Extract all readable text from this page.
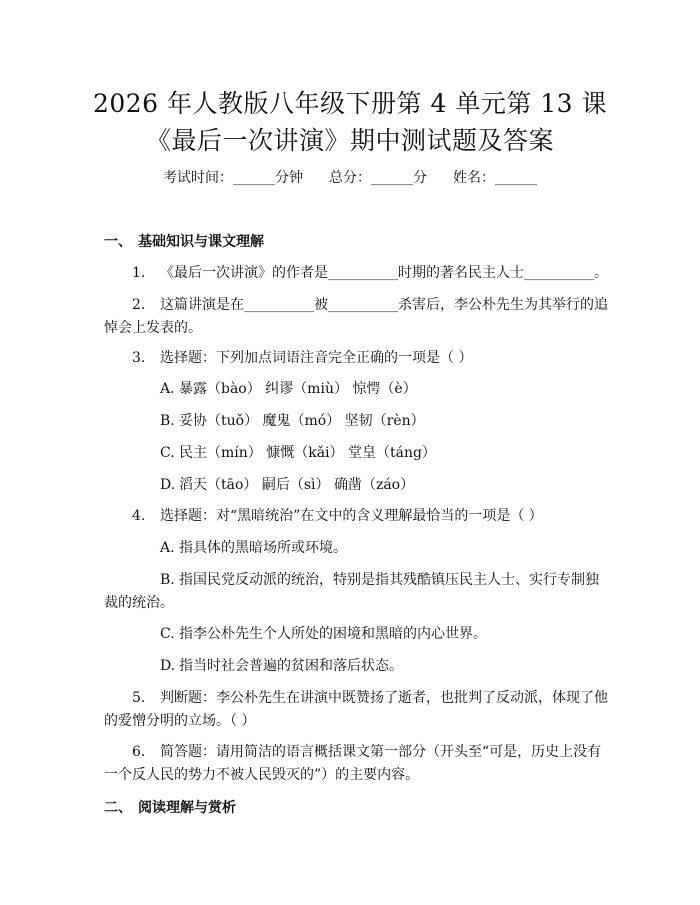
2026 年人教版八年级下册第 4 单元第 13 课
《最后一次讲演》期中测试题及答案
考试时间：______分钟 总分：______分 姓名：______
一、 基础知识与课文理解
1. 《最后一次讲演》的作者是__________时期的著名民主人士__________。
2. 这篇讲演是在__________被__________杀害后，李公朴先生为其举行的追
悼会上发表的。
3. 选择题：下列加点词语注音完全正确的一项是（ ）
A. 暴露（bào） 纠谬（miù） 惊愕（è）
B. 妥协（tuǒ） 魔鬼（mó） 坚韧（rèn）
C. 民主（mín） 慷慨（kǎi） 堂皇（táng）
D. 滔天（tāo） 嗣后（sì） 确凿（záo）
4. 选择题：对“黑暗统治”在文中的含义理解最恰当的一项是（ ）
A. 指具体的黑暗场所或环境。
B. 指国民党反动派的统治，特别是指其残酷镇压民主人士、实行专制独
裁的统治。
C. 指李公朴先生个人所处的困境和黑暗的内心世界。
D. 指当时社会普遍的贫困和落后状态。
5. 判断题：李公朴先生在讲演中既赞扬了逝者，也批判了反动派，体现了他
的爱憎分明的立场。（ ）
6. 简答题：请用简洁的语言概括课文第一部分（开头至“可是，历史上没有
一个反人民的势力不被人民毁灭的”）的主要内容。
二、 阅读理解与赏析
